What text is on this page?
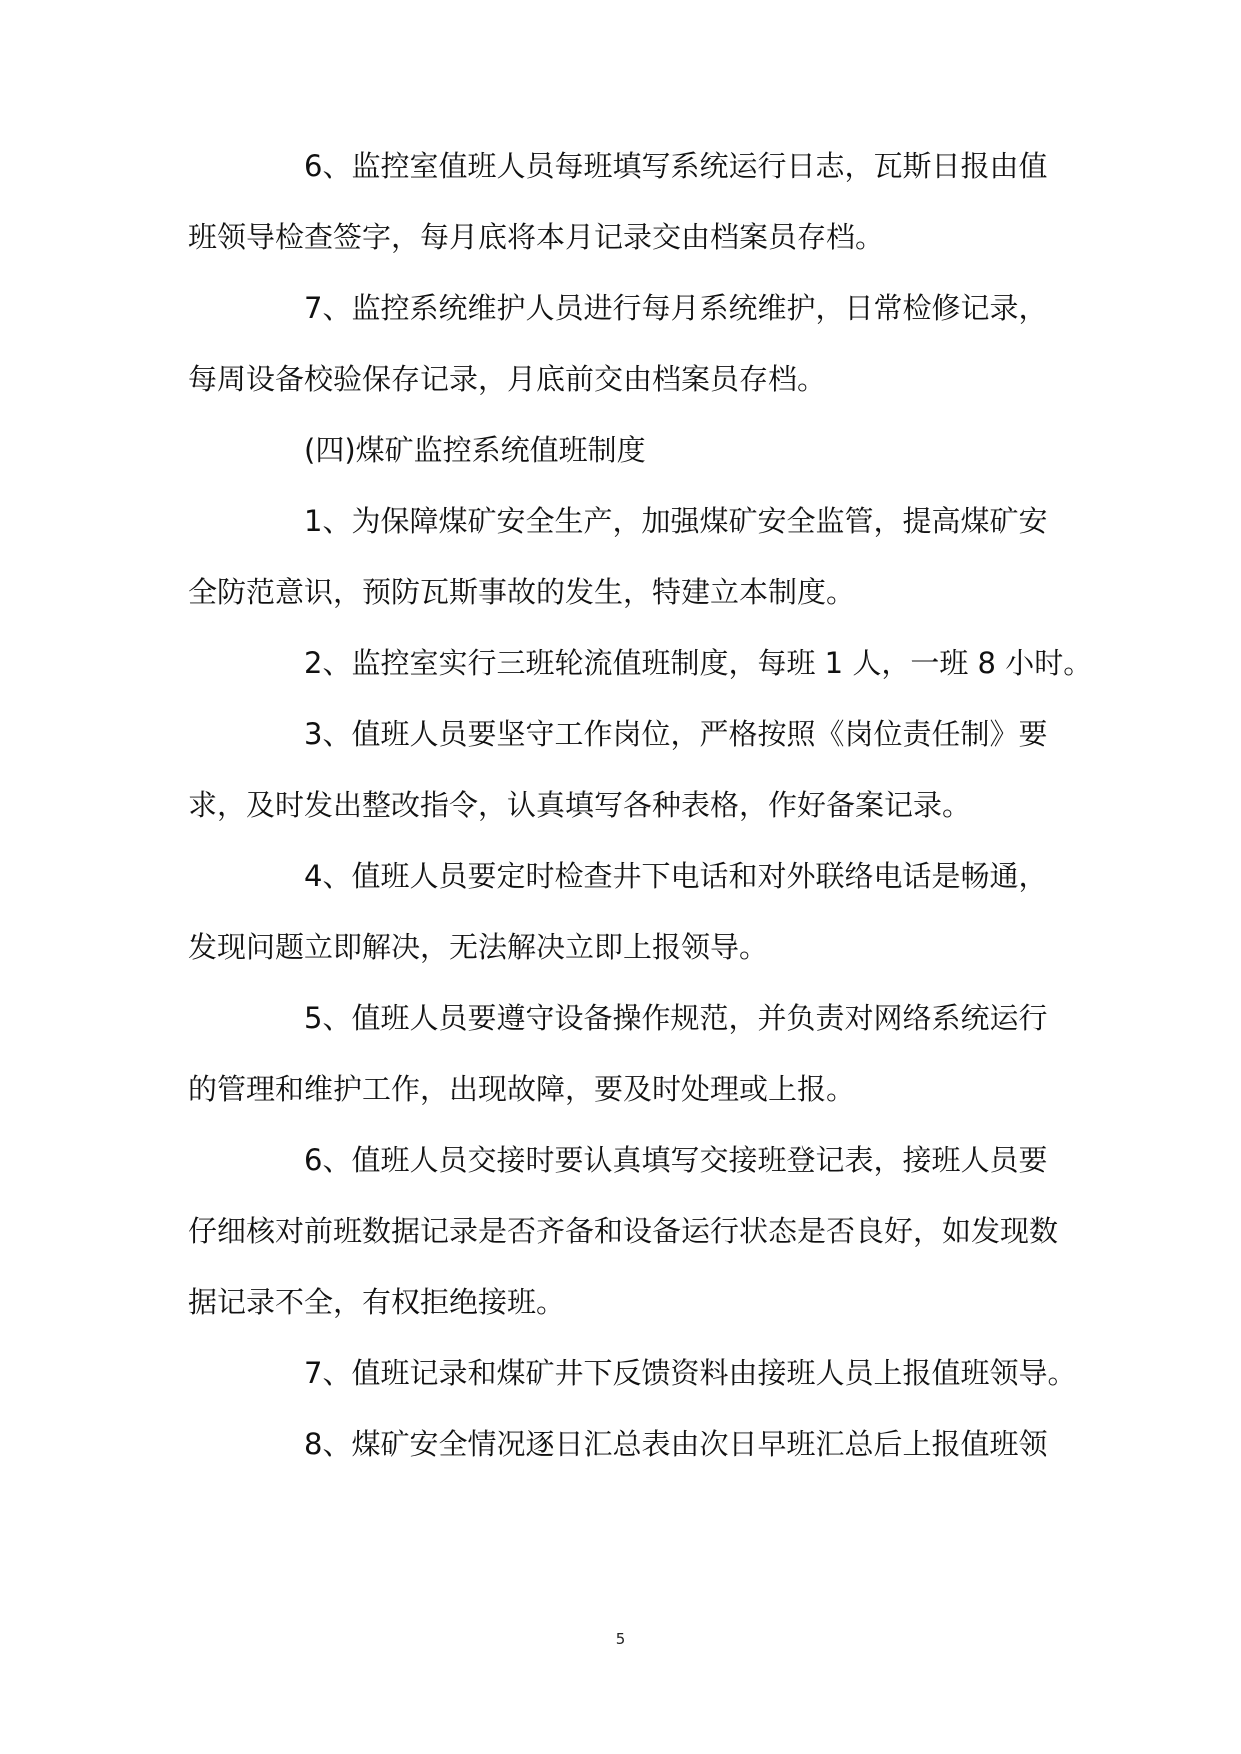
6、监控室值班人员每班填写系统运行日志，瓦斯日报由值
班领导检查签字，每月底将本月记录交由档案员存档。
7、监控系统维护人员进行每月系统维护，日常检修记录，
每周设备校验保存记录，月底前交由档案员存档。
(四)煤矿监控系统值班制度
1、为保障煤矿安全生产，加强煤矿安全监管，提高煤矿安
全防范意识，预防瓦斯事故的发生，特建立本制度。
2、监控室实行三班轮流值班制度，每班 1 人，一班 8 小时。
3、值班人员要坚守工作岗位，严格按照《岗位责任制》要
求，及时发出整改指令，认真填写各种表格，作好备案记录。
4、值班人员要定时检查井下电话和对外联络电话是畅通，
发现问题立即解决，无法解决立即上报领导。
5、值班人员要遵守设备操作规范，并负责对网络系统运行
的管理和维护工作，出现故障，要及时处理或上报。
6、值班人员交接时要认真填写交接班登记表，接班人员要
仔细核对前班数据记录是否齐备和设备运行状态是否良好，如发现数
据记录不全，有权拒绝接班。
7、值班记录和煤矿井下反馈资料由接班人员上报值班领导。
8、煤矿安全情况逐日汇总表由次日早班汇总后上报值班领
5
